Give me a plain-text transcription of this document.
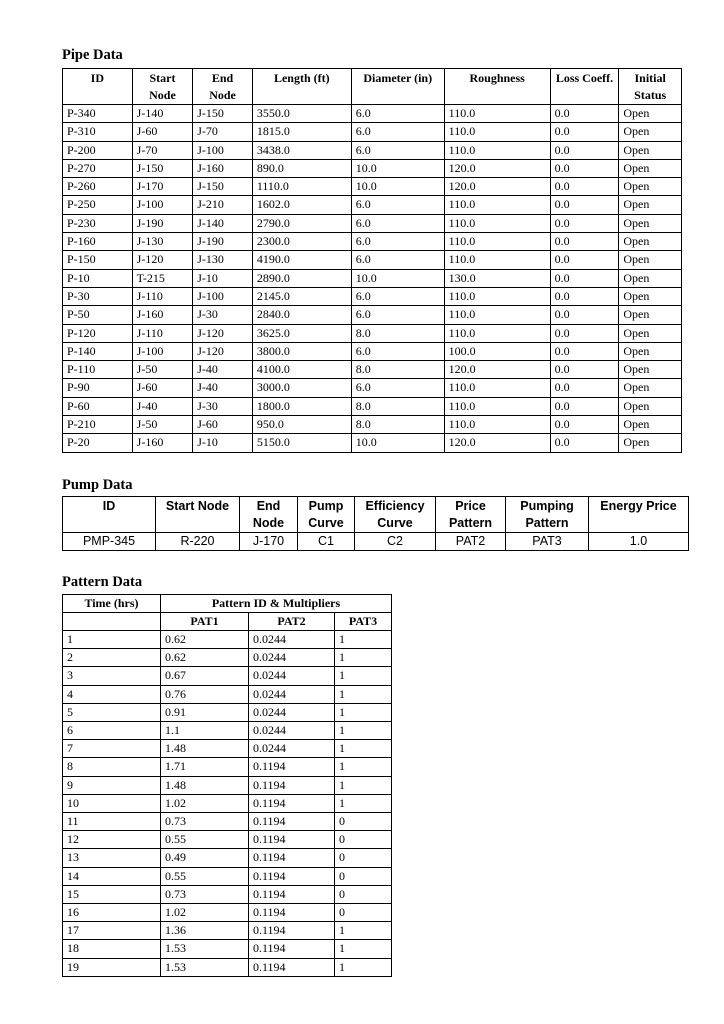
Pipe Data
ID	Start Node	End Node	Length (ft)	Diameter (in)	Roughness	Loss Coeff.	Initial Status
P-340	J-140	J-150	3550.0	6.0	110.0	0.0	Open
P-310	J-60	J-70	1815.0	6.0	110.0	0.0	Open
P-200	J-70	J-100	3438.0	6.0	110.0	0.0	Open
P-270	J-150	J-160	890.0	10.0	120.0	0.0	Open
P-260	J-170	J-150	1110.0	10.0	120.0	0.0	Open
P-250	J-100	J-210	1602.0	6.0	110.0	0.0	Open
P-230	J-190	J-140	2790.0	6.0	110.0	0.0	Open
P-160	J-130	J-190	2300.0	6.0	110.0	0.0	Open
P-150	J-120	J-130	4190.0	6.0	110.0	0.0	Open
P-10	T-215	J-10	2890.0	10.0	130.0	0.0	Open
P-30	J-110	J-100	2145.0	6.0	110.0	0.0	Open
P-50	J-160	J-30	2840.0	6.0	110.0	0.0	Open
P-120	J-110	J-120	3625.0	8.0	110.0	0.0	Open
P-140	J-100	J-120	3800.0	6.0	100.0	0.0	Open
P-110	J-50	J-40	4100.0	8.0	120.0	0.0	Open
P-90	J-60	J-40	3000.0	6.0	110.0	0.0	Open
P-60	J-40	J-30	1800.0	8.0	110.0	0.0	Open
P-210	J-50	J-60	950.0	8.0	110.0	0.0	Open
P-20	J-160	J-10	5150.0	10.0	120.0	0.0	Open
Pump Data
ID	Start Node	End Node	Pump Curve	Efficiency Curve	Price Pattern	Pumping Pattern	Energy Price
PMP-345	R-220	J-170	C1	C2	PAT2	PAT3	1.0
Pattern Data
Time (hrs)	Pattern ID & Multipliers		
	PAT1	PAT2	PAT3
1	0.62	0.0244	1
2	0.62	0.0244	1
3	0.67	0.0244	1
4	0.76	0.0244	1
5	0.91	0.0244	1
6	1.1	0.0244	1
7	1.48	0.0244	1
8	1.71	0.1194	1
9	1.48	0.1194	1
10	1.02	0.1194	1
11	0.73	0.1194	0
12	0.55	0.1194	0
13	0.49	0.1194	0
14	0.55	0.1194	0
15	0.73	0.1194	0
16	1.02	0.1194	0
17	1.36	0.1194	1
18	1.53	0.1194	1
19	1.53	0.1194	1
